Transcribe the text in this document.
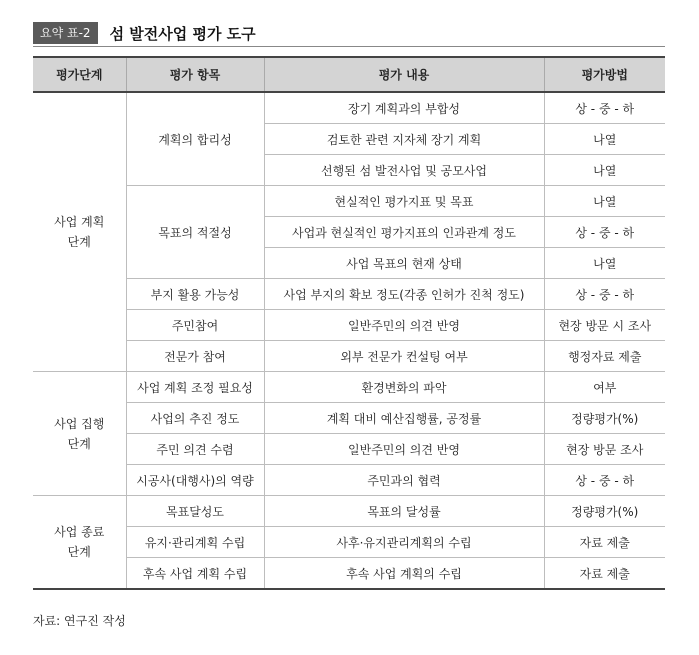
요약 표-2	섬 발전사업 평가 도구
평가단계	평가 항목	평가 내용	평가방법

사업 계획
단계	계획의 합리성	장기 계획과의 부합성	상 - 중 - 하
		검토한 관련 지자체 장기 계획	나열
		선행된 섬 발전사업 및 공모사업	나열
	목표의 적절성	현실적인 평가지표 및 목표	나열
		사업과 현실적인 평가지표의 인과관계 정도	상 - 중 - 하
		사업 목표의 현재 상태	나열
	부지 활용 가능성	사업 부지의 확보 정도(각종 인허가 진척 정도)	상 - 중 - 하
	주민참여	일반주민의 의견 반영	현장 방문 시 조사
	전문가 참여	외부 전문가 컨설팅 여부	행정자료 제출

사업 집행
단계	사업 계획 조정 필요성	환경변화의 파악	여부
	사업의 추진 정도	계획 대비 예산집행률, 공정률	정량평가(%)
	주민 의견 수렴	일반주민의 의견 반영	현장 방문 조사
	시공사(대행사)의 역량	주민과의 협력	상 - 중 - 하

사업 종료
단계	목표달성도	목표의 달성률	정량평가(%)
	유지·관리계획 수립	사후·유지관리계획의 수립	자료 제출
	후속 사업 계획 수립	후속 사업 계획의 수립	자료 제출
자료: 연구진 작성
